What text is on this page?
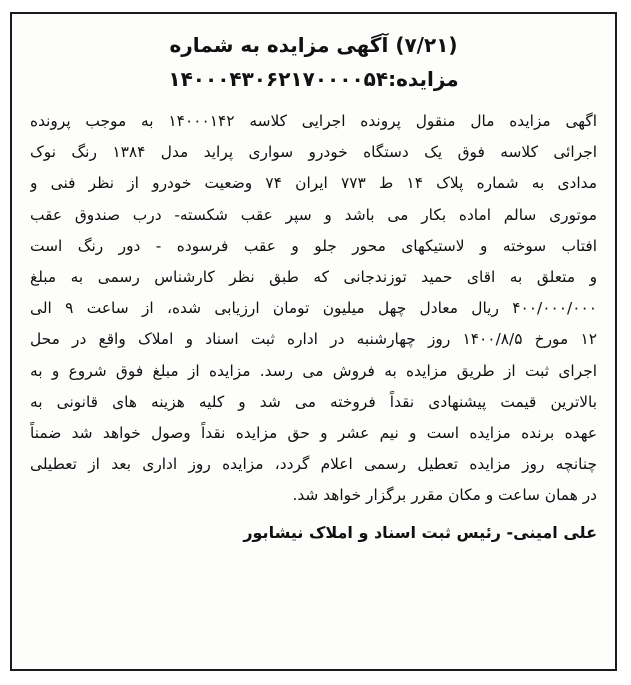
(۷/۲۱) آگهی مزایده به شماره
مزایده:۱۴۰۰۰۴۳۰۶۲۱۷۰۰۰۰۵۴
اگهی مزایده مال منقول پرونده اجرایی کلاسه ۱۴۰۰۰۱۴۲ به موجب پرونده
اجرائی کلاسه فوق یک دستگاه خودرو سواری پراید مدل ۱۳۸۴ رنگ نوک
مدادی به شماره پلاک ۱۴ ط ۷۷۳ ایران ۷۴ وضعیت خودرو از نظر فنی و
موتوری سالم اماده بکار می باشد و سپر عقب شکسته- درب صندوق عقب
افتاب سوخته و لاستیکهای محور جلو و عقب فرسوده - دور رنگ است
و متعلق به اقای حمید توزندجانی که طبق نظر کارشناس رسمی به مبلغ
۴۰۰/۰۰۰/۰۰۰ ریال معادل چهل میلیون تومان ارزیابی شده، از ساعت ۹ الی
۱۲ مورخ ۱۴۰۰/۸/۵ روز چهارشنبه در اداره ثبت اسناد و املاک واقع در محل
اجرای ثبت از طریق مزایده به فروش می رسد. مزایده از مبلغ فوق شروع و به
بالاترین قیمت پیشنهادی نقداً فروخته می شد و کلیه هزینه های قانونی به
عهده برنده مزایده است و نیم عشر و حق مزایده نقداً وصول خواهد شد ضمناً
چنانچه روز مزایده تعطیل رسمی اعلام گردد، مزایده روز اداری بعد از تعطیلی
در همان ساعت و مکان مقرر برگزار خواهد شد.
علی امینی- رئیس ثبت اسناد و املاک نیشابور
